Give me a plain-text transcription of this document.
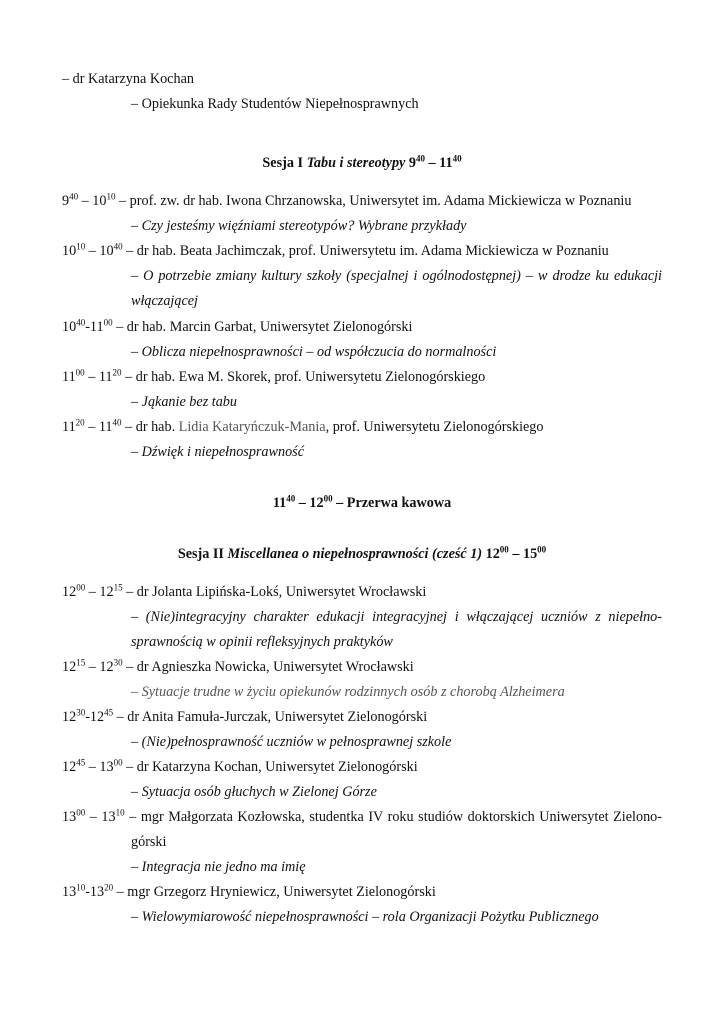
– dr Katarzyna Kochan
– Opiekunka Rady Studentów Niepełnosprawnych
Sesja I Tabu i stereotypy $9^{40} - 11^{40}$
$9^{40} - 10^{10}$ – prof. zw. dr hab. Iwona Chrzanowska, Uniwersytet im. Adama Mickiewicza w Poznaniu
– Czy jesteśmy więźniami stereotypów? Wybrane przykłady
$10^{10} - 10^{40}$ – dr hab. Beata Jachimczak, prof. Uniwersytetu im. Adama Mickiewicza w Poznaniu
– O potrzebie zmiany kultury szkoły (specjalnej i ogólnodostępnej) – w drodze ku edukacji
włączającej
$10^{40}-11^{00}$ – dr hab. Marcin Garbat, Uniwersytet Zielonogórski
– Oblicza niepełnosprawności – od współczucia do normalności
$11^{00} - 11^{20}$ – dr hab. Ewa M. Skorek, prof. Uniwersytetu Zielonogórskiego
– Jąkanie bez tabu
$11^{20} - 11^{40}$ – dr hab. Lidia Kataryńczuk-Mania, prof. Uniwersytetu Zielonogórskiego
– Dźwięk i niepełnosprawność
$11^{40} - 12^{00}$ – Przerwa kawowa
Sesja II Miscellanea o niepełnosprawności (cześć 1) $12^{00} - 15^{00}$
$12^{00} - 12^{15}$ – dr Jolanta Lipińska-Lokś, Uniwersytet Wrocławski
– (Nie)integracyjny charakter edukacji integracyjnej i włączającej uczniów z niepełno-
sprawnością w opinii refleksyjnych praktyków
$12^{15} - 12^{30}$ – dr Agnieszka Nowicka, Uniwersytet Wrocławski
– Sytuacje trudne w życiu opiekunów rodzinnych osób z chorobą Alzheimera
$12^{30}-12^{45}$ – dr Anita Famuła-Jurczak, Uniwersytet Zielonogórski
– (Nie)pełnosprawność uczniów w pełnosprawnej szkole
$12^{45} - 13^{00}$ – dr Katarzyna Kochan, Uniwersytet Zielonogórski
– Sytuacja osób głuchych w Zielonej Górze
$13^{00} - 13^{10}$ – mgr Małgorzata Kozłowska, studentka IV roku studiów doktorskich Uniwersytet Zielono-
górski
– Integracja nie jedno ma imię
$13^{10}-13^{20}$ – mgr Grzegorz Hryniewicz, Uniwersytet Zielonogórski
– Wielowymiarowość niepełnosprawności – rola Organizacji Pożytku Publicznego
